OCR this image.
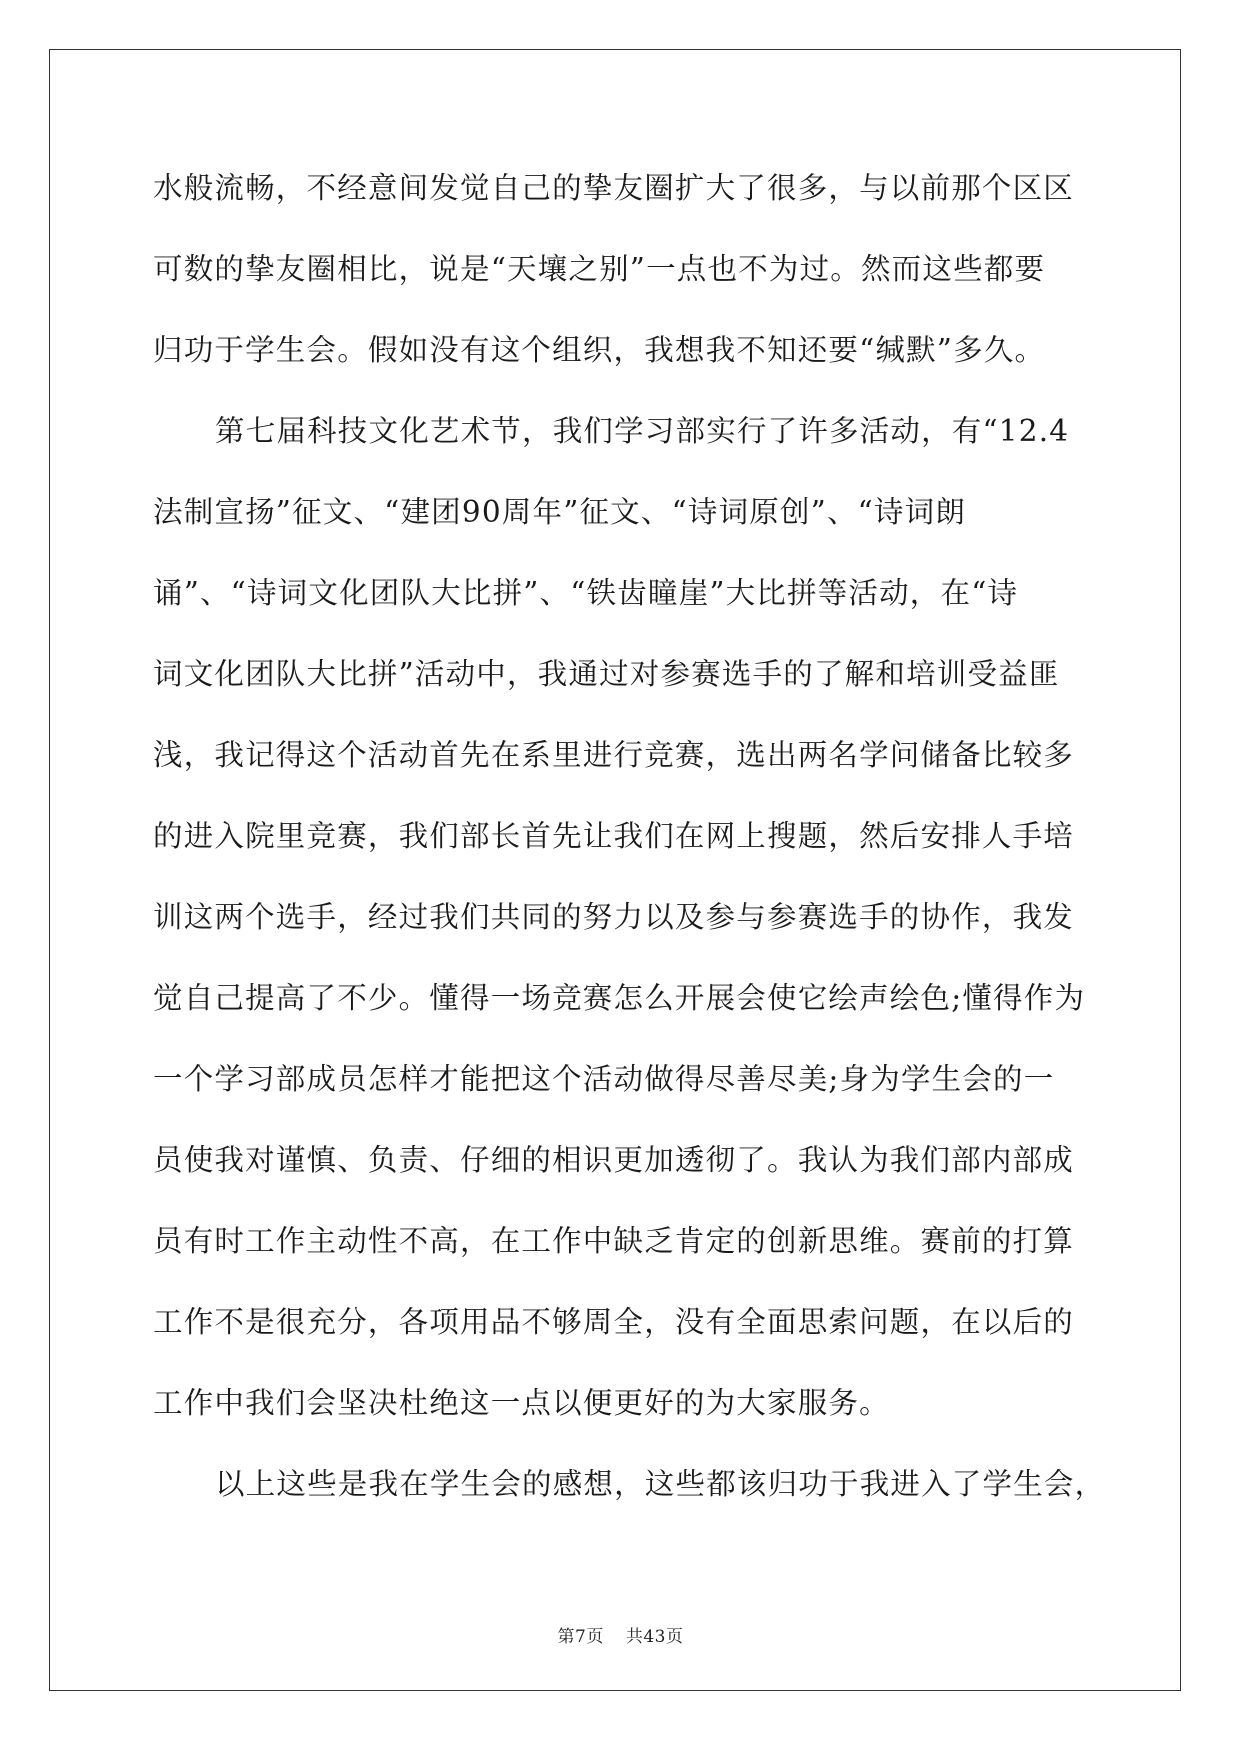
水般流畅，不经意间发觉自己的挚友圈扩大了很多，与以前那个区区
可数的挚友圈相比，说是“天壤之别”一点也不为过。然而这些都要
归功于学生会。假如没有这个组织，我想我不知还要“缄默”多久。
第七届科技文化艺术节，我们学习部实行了许多活动，有“12.4
法制宣扬”征文、“建团90周年”征文、“诗词原创”、“诗词朗
诵”、“诗词文化团队大比拼”、“铁齿瞳崖”大比拼等活动，在“诗
词文化团队大比拼”活动中，我通过对参赛选手的了解和培训受益匪
浅，我记得这个活动首先在系里进行竞赛，选出两名学问储备比较多
的进入院里竞赛，我们部长首先让我们在网上搜题，然后安排人手培
训这两个选手，经过我们共同的努力以及参与参赛选手的协作，我发
觉自己提高了不少。懂得一场竞赛怎么开展会使它绘声绘色;懂得作为
一个学习部成员怎样才能把这个活动做得尽善尽美;身为学生会的一
员使我对谨慎、负责、仔细的相识更加透彻了。我认为我们部内部成
员有时工作主动性不高，在工作中缺乏肯定的创新思维。赛前的打算
工作不是很充分，各项用品不够周全，没有全面思索问题，在以后的
工作中我们会坚决杜绝这一点以便更好的为大家服务。
以上这些是我在学生会的感想，这些都该归功于我进入了学生会，
第7页 共43页
